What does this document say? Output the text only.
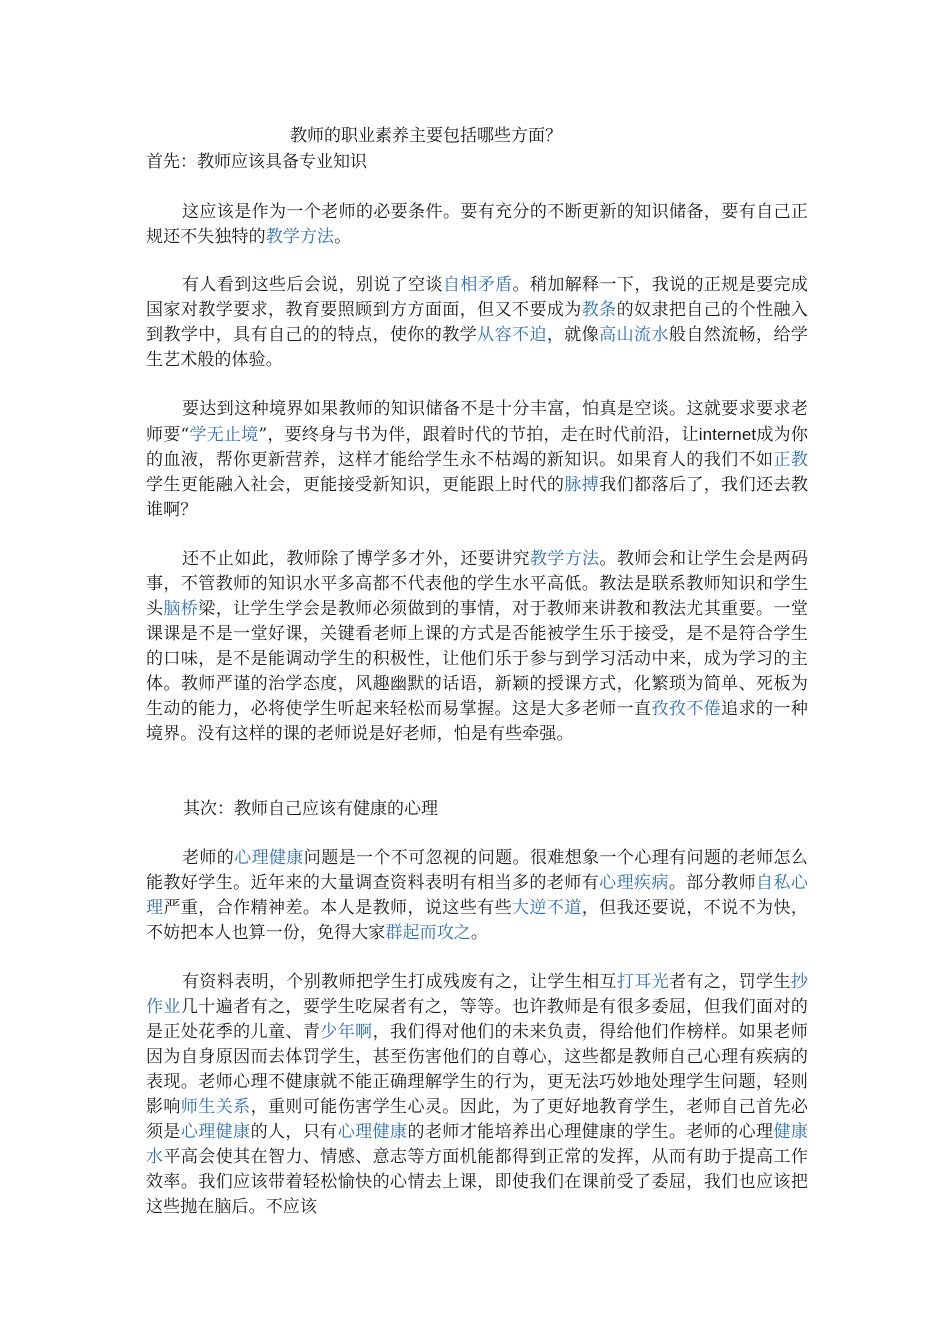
教师的职业素养主要包括哪些方面？
首先：教师应该具备专业知识

这应该是作为一个老师的必要条件。要有充分的不断更新的知识储备，要有自己正规还不失独特的教学方法。

有人看到这些后会说，别说了空谈自相矛盾。稍加解释一下，我说的正规是要完成国家对教学要求，教育要照顾到方方面面，但又不要成为教条的奴隶把自己的个性融入到教学中，具有自己的的特点，使你的教学从容不迫，就像高山流水般自然流畅，给学生艺术般的体验。

要达到这种境界如果教师的知识储备不是十分丰富，怕真是空谈。这就要求要求老师要“学无止境”，要终身与书为伴，跟着时代的节拍，走在时代前沿，让internet成为你的血液，帮你更新营养，这样才能给学生永不枯竭的新知识。如果育人的我们不如正教学生更能融入社会，更能接受新知识，更能跟上时代的脉搏我们都落后了，我们还去教谁啊？

还不止如此，教师除了博学多才外，还要讲究教学方法。教师会和让学生会是两码事，不管教师的知识水平多高都不代表他的学生水平高低。教法是联系教师知识和学生头脑桥梁，让学生学会是教师必须做到的事情，对于教师来讲教和教法尤其重要。一堂课课是不是一堂好课，关键看老师上课的方式是否能被学生乐于接受，是不是符合学生的口味，是不是能调动学生的积极性，让他们乐于参与到学习活动中来，成为学习的主体。教师严谨的治学态度，风趣幽默的话语，新颖的授课方式，化繁琐为简单、死板为生动的能力，必将使学生听起来轻松而易掌握。这是大多老师一直孜孜不倦追求的一种境界。没有这样的课的老师说是好老师，怕是有些牵强。

其次：教师自己应该有健康的心理

老师的心理健康问题是一个不可忽视的问题。很难想象一个心理有问题的老师怎么能教好学生。近年来的大量调查资料表明有相当多的老师有心理疾病。部分教师自私心理严重，合作精神差。本人是教师，说这些有些大逆不道，但我还要说，不说不为快，不妨把本人也算一份，免得大家群起而攻之。

有资料表明，个别教师把学生打成残废有之，让学生相互打耳光者有之，罚学生抄作业几十遍者有之，要学生吃屎者有之，等等。也许教师是有很多委屈，但我们面对的是正处花季的儿童、青少年啊，我们得对他们的未来负责，得给他们作榜样。如果老师因为自身原因而去体罚学生，甚至伤害他们的自尊心，这些都是教师自己心理有疾病的表现。老师心理不健康就不能正确理解学生的行为，更无法巧妙地处理学生问题，轻则影响师生关系，重则可能伤害学生心灵。因此，为了更好地教育学生，老师自己首先必须是心理健康的人，只有心理健康的老师才能培养出心理健康的学生。老师的心理健康水平高会使其在智力、情感、意志等方面机能都得到正常的发挥，从而有助于提高工作效率。我们应该带着轻松愉快的心情去上课，即使我们在课前受了委屈，我们也应该把这些抛在脑后。不应该
